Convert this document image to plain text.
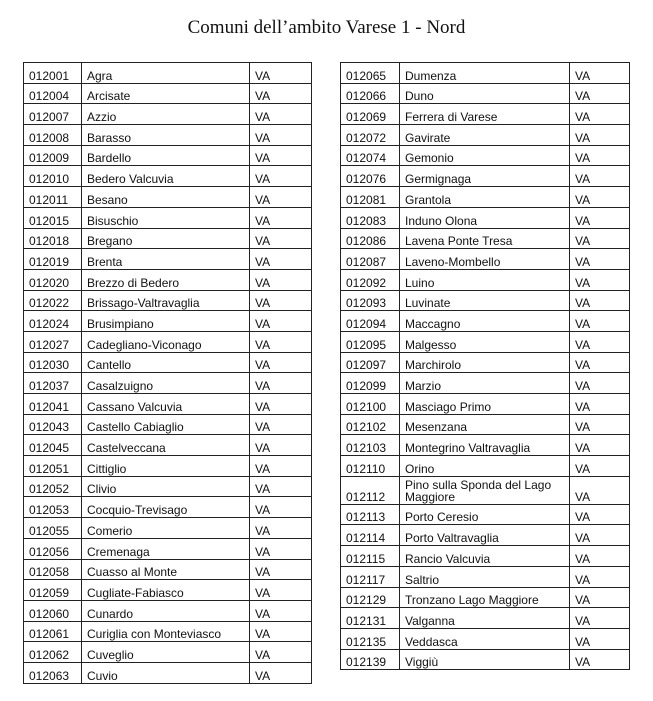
Comuni dell’ambito Varese 1 - Nord
012001	Agra	VA
012004	Arcisate	VA
012007	Azzio	VA
012008	Barasso	VA
012009	Bardello	VA
012010	Bedero Valcuvia	VA
012011	Besano	VA
012015	Bisuschio	VA
012018	Bregano	VA
012019	Brenta	VA
012020	Brezzo di Bedero	VA
012022	Brissago-Valtravaglia	VA
012024	Brusimpiano	VA
012027	Cadegliano-Viconago	VA
012030	Cantello	VA
012037	Casalzuigno	VA
012041	Cassano Valcuvia	VA
012043	Castello Cabiaglio	VA
012045	Castelveccana	VA
012051	Cittiglio	VA
012052	Clivio	VA
012053	Cocquio-Trevisago	VA
012055	Comerio	VA
012056	Cremenaga	VA
012058	Cuasso al Monte	VA
012059	Cugliate-Fabiasco	VA
012060	Cunardo	VA
012061	Curiglia con Monteviasco	VA
012062	Cuveglio	VA
012063	Cuvio	VA
012065	Dumenza	VA
012066	Duno	VA
012069	Ferrera di Varese	VA
012072	Gavirate	VA
012074	Gemonio	VA
012076	Germignaga	VA
012081	Grantola	VA
012083	Induno Olona	VA
012086	Lavena Ponte Tresa	VA
012087	Laveno-Mombello	VA
012092	Luino	VA
012093	Luvinate	VA
012094	Maccagno	VA
012095	Malgesso	VA
012097	Marchirolo	VA
012099	Marzio	VA
012100	Masciago Primo	VA
012102	Mesenzana	VA
012103	Montegrino Valtravaglia	VA
012110	Orino	VA
012112	Pino sulla Sponda del Lago Maggiore	VA
012113	Porto Ceresio	VA
012114	Porto Valtravaglia	VA
012115	Rancio Valcuvia	VA
012117	Saltrio	VA
012129	Tronzano Lago Maggiore	VA
012131	Valganna	VA
012135	Veddasca	VA
012139	Viggiù	VA
